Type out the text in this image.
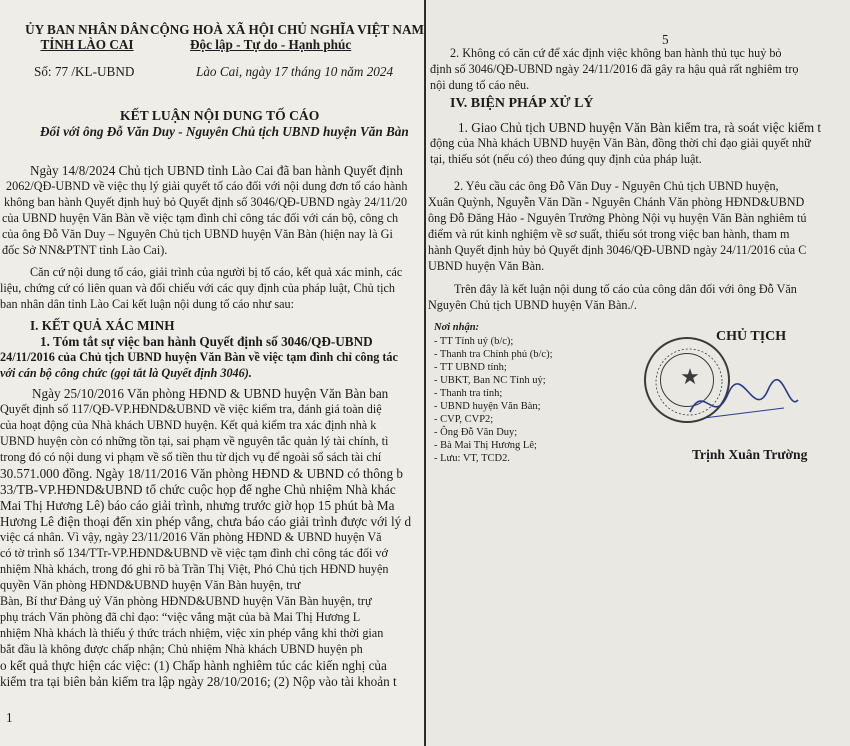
ỦY BAN NHÂN DÂN
TỈNH LÀO CAI
CỘNG HOÀ XÃ HỘI CHỦ NGHĨA VIỆT NAM
Độc lập - Tự do - Hạnh phúc
Số: 77 /KL-UBND	Lào Cai, ngày 17 tháng 10 năm 2024
KẾT LUẬN NỘI DUNG TỐ CÁO
Đối với ông Đỗ Văn Duy - Nguyên Chủ tịch UBND huyện Văn Bàn
Ngày 14/8/2024 Chủ tịch UBND tỉnh Lào Cai đã ban hành Quyết định
2062/QĐ-UBND về việc thụ lý giải quyết tố cáo đối với nội dung đơn tố cáo hành
không ban hành Quyết định huỷ bỏ Quyết định số 3046/QĐ-UBND ngày 24/11/20
của UBND huyện Văn Bàn về việc tạm đình chỉ công tác đối với cán bộ, công ch
của ông Đỗ Văn Duy – Nguyên Chủ tịch UBND huyện Văn Bàn (hiện nay là Gi
đốc Sở NN&PTNT tỉnh Lào Cai).
Căn cứ nội dung tố cáo, giải trình của người bị tố cáo, kết quả xác minh, các
liệu, chứng cứ có liên quan và đối chiếu với các quy định của pháp luật, Chủ tịch
ban nhân dân tỉnh Lào Cai kết luận nội dung tố cáo như sau:
I. KẾT QUẢ XÁC MINH
1. Tóm tắt sự việc ban hành Quyết định số 3046/QĐ-UBND
24/11/2016 của Chủ tịch UBND huyện Văn Bàn về việc tạm đình chỉ công tác
với cán bộ công chức (gọi tắt là Quyết định 3046).
Ngày 25/10/2016 Văn phòng HĐND & UBND huyện Văn Bàn ban
Quyết định số 117/QĐ-VP.HĐND&UBND về việc kiểm tra, đánh giá toàn diệ
của hoạt động của Nhà khách UBND huyện. Kết quả kiểm tra xác định nhà k
UBND huyện còn có những tồn tại, sai phạm về nguyên tắc quản lý tài chính, tì
trong đó có nội dung vi phạm về số tiền thu từ dịch vụ để ngoài sổ sách tài chí
30.571.000 đồng. Ngày 18/11/2016 Văn phòng HĐND & UBND có thông b
33/TB-VP.HĐND&UBND tổ chức cuộc họp để nghe Chủ nhiệm Nhà khác
Mai Thị Hương Lê) báo cáo giải trình, nhưng trước giờ họp 15 phút bà Ma
Hương Lê điện thoại đến xin phép vắng, chưa báo cáo giải trình được với lý d
việc cá nhân. Vì vậy, ngày 23/11/2016 Văn phòng HĐND & UBND huyện Vă
có tờ trình số 134/TTr-VP.HĐND&UBND về việc tạm đình chỉ công tác đối vớ
nhiệm Nhà khách, trong đó ghi rõ bà Trần Thị Việt, Phó Chủ tịch HĐND huyện
quyền Văn phòng HĐND&UBND huyện Văn Bàn huyện, trư
Bàn, Bí thư Đảng uỷ Văn phòng HĐND&UBND huyện Văn Bàn huyện, trự
phụ trách Văn phòng đã chỉ đạo: “việc vắng mặt của bà Mai Thị Hương L
nhiệm Nhà khách là thiếu ý thức trách nhiệm, việc xin phép vắng khi thời gian
bắt đầu là không được chấp nhận; Chủ nhiệm Nhà khách UBND huyện ph
o kết quả thực hiện các việc: (1) Chấp hành nghiêm túc các kiến nghị của
kiểm tra tại biên bản kiểm tra lập ngày 28/10/2016; (2) Nộp vào tài khoản t
1
5
2. Không có căn cứ để xác định việc không ban hành thủ tục huỷ bỏ
định số 3046/QĐ-UBND ngày 24/11/2016 đã gây ra hậu quả rất nghiêm trọ
nội dung tố cáo nêu.
IV. BIỆN PHÁP XỬ LÝ
1. Giao Chủ tịch UBND huyện Văn Bàn kiểm tra, rà soát việc kiểm t
động của Nhà khách UBND huyện Văn Bàn, đồng thời chỉ đạo giải quyết nhữ
tại, thiếu sót (nếu có) theo đúng quy định của pháp luật.
2. Yêu cầu các ông Đỗ Văn Duy - Nguyên Chủ tịch UBND huyện,
Xuân Quỳnh, Nguyễn Văn Dần - Nguyên Chánh Văn phòng HĐND&UBND
ông Đỗ Đăng Hảo - Nguyên Trưởng Phòng Nội vụ huyện Văn Bàn nghiêm tú
điểm và rút kinh nghiệm về sơ suất, thiếu sót trong việc ban hành, tham m
hành Quyết định hủy bỏ Quyết định 3046/QĐ-UBND ngày 24/11/2016 của C
UBND huyện Văn Bàn.
Trên đây là kết luận nội dung tố cáo của công dân đối với ông Đỗ Văn
Nguyên Chủ tịch UBND huyện Văn Bàn./.
Nơi nhận:
- TT Tỉnh uỷ (b/c);
- Thanh tra Chính phủ (b/c);
- TT UBND tỉnh;
- UBKT, Ban NC Tỉnh uỷ;
- Thanh tra tỉnh;
- UBND huyện Văn Bàn;
- CVP, CVP2;
- Ông Đỗ Văn Duy;
- Bà Mai Thị Hương Lê;
- Lưu: VT, TCD2.
CHỦ TỊCH
★
Trịnh Xuân Trường
